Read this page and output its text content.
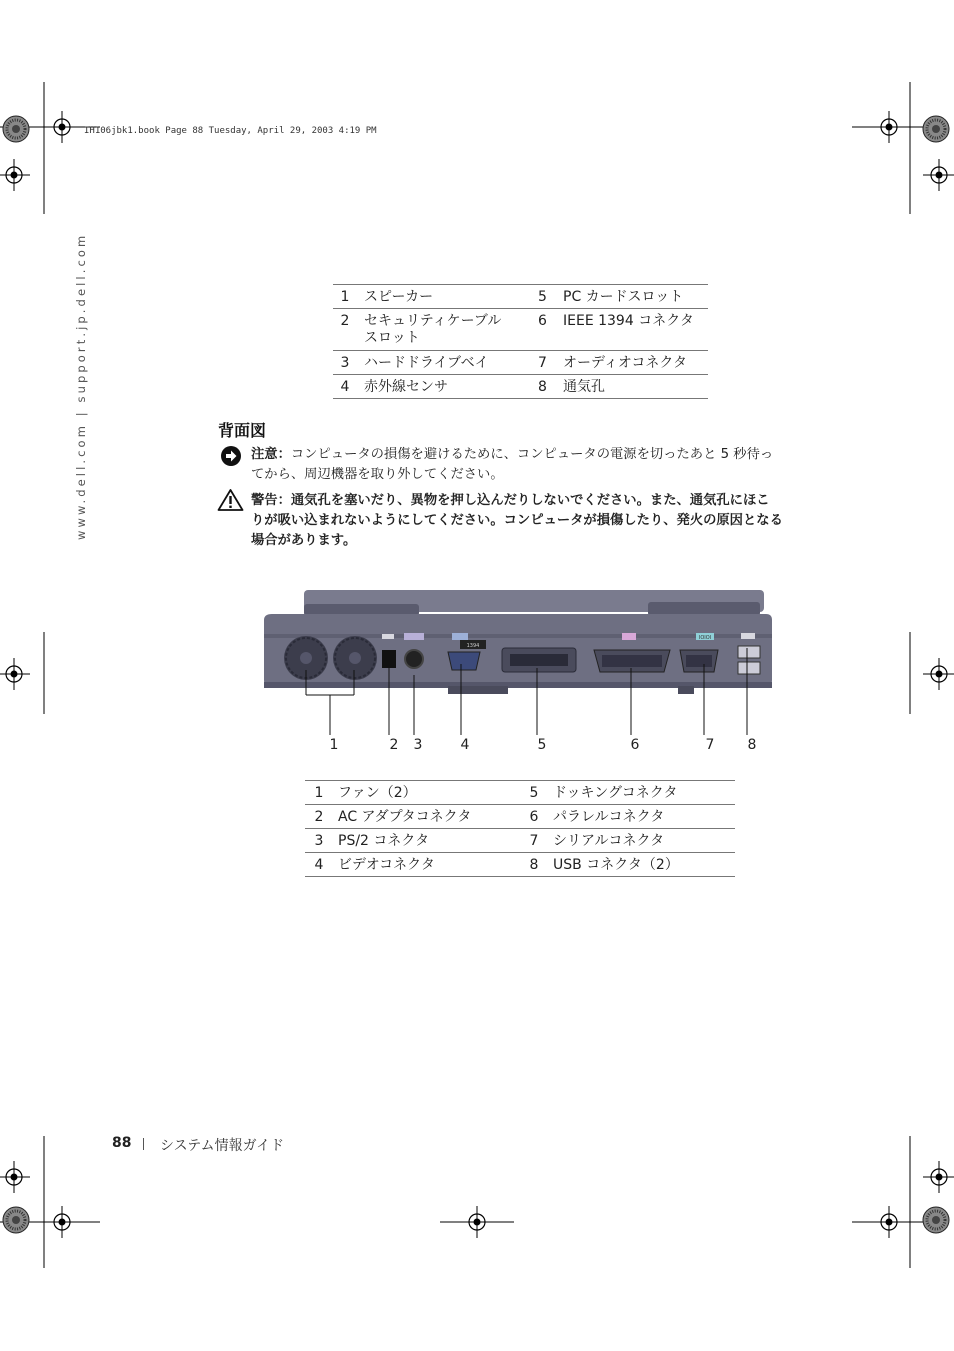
IH106jbk1.book Page 88 Tuesday, April 29, 2003 4:19 PM
www.dell.com | support.jp.dell.com	1	スピーカー	5	PC カードスロット
2	セキュリティケーブル
スロット	6	IEEE 1394 コネクタ
3	ハードドライブベイ	7	オーディオコネクタ
4	赤外線センサ	8	通気孔
背面図
注意：コンピュータの損傷を避けるために、コンピュータの電源を切ったあと 5 秒待っ
てから、周辺機器を取り外してください。
警告：通気孔を塞いだり、異物を押し込んだりしないでください。また、通気孔にほこ
りが吸い込まれないようにしてください。コンピュータが損傷したり、発火の原因となる
場合があります。
IOIOI
1394
1	2	3	4	5	6	7	8
1	ファン（2）	5	ドッキングコネクタ
2	AC アダプタコネクタ	6	パラレルコネクタ
3	PS/2 コネクタ	7	シリアルコネクタ
4	ビデオコネクタ	8	USB コネクタ（2）
88 システム情報ガイド
